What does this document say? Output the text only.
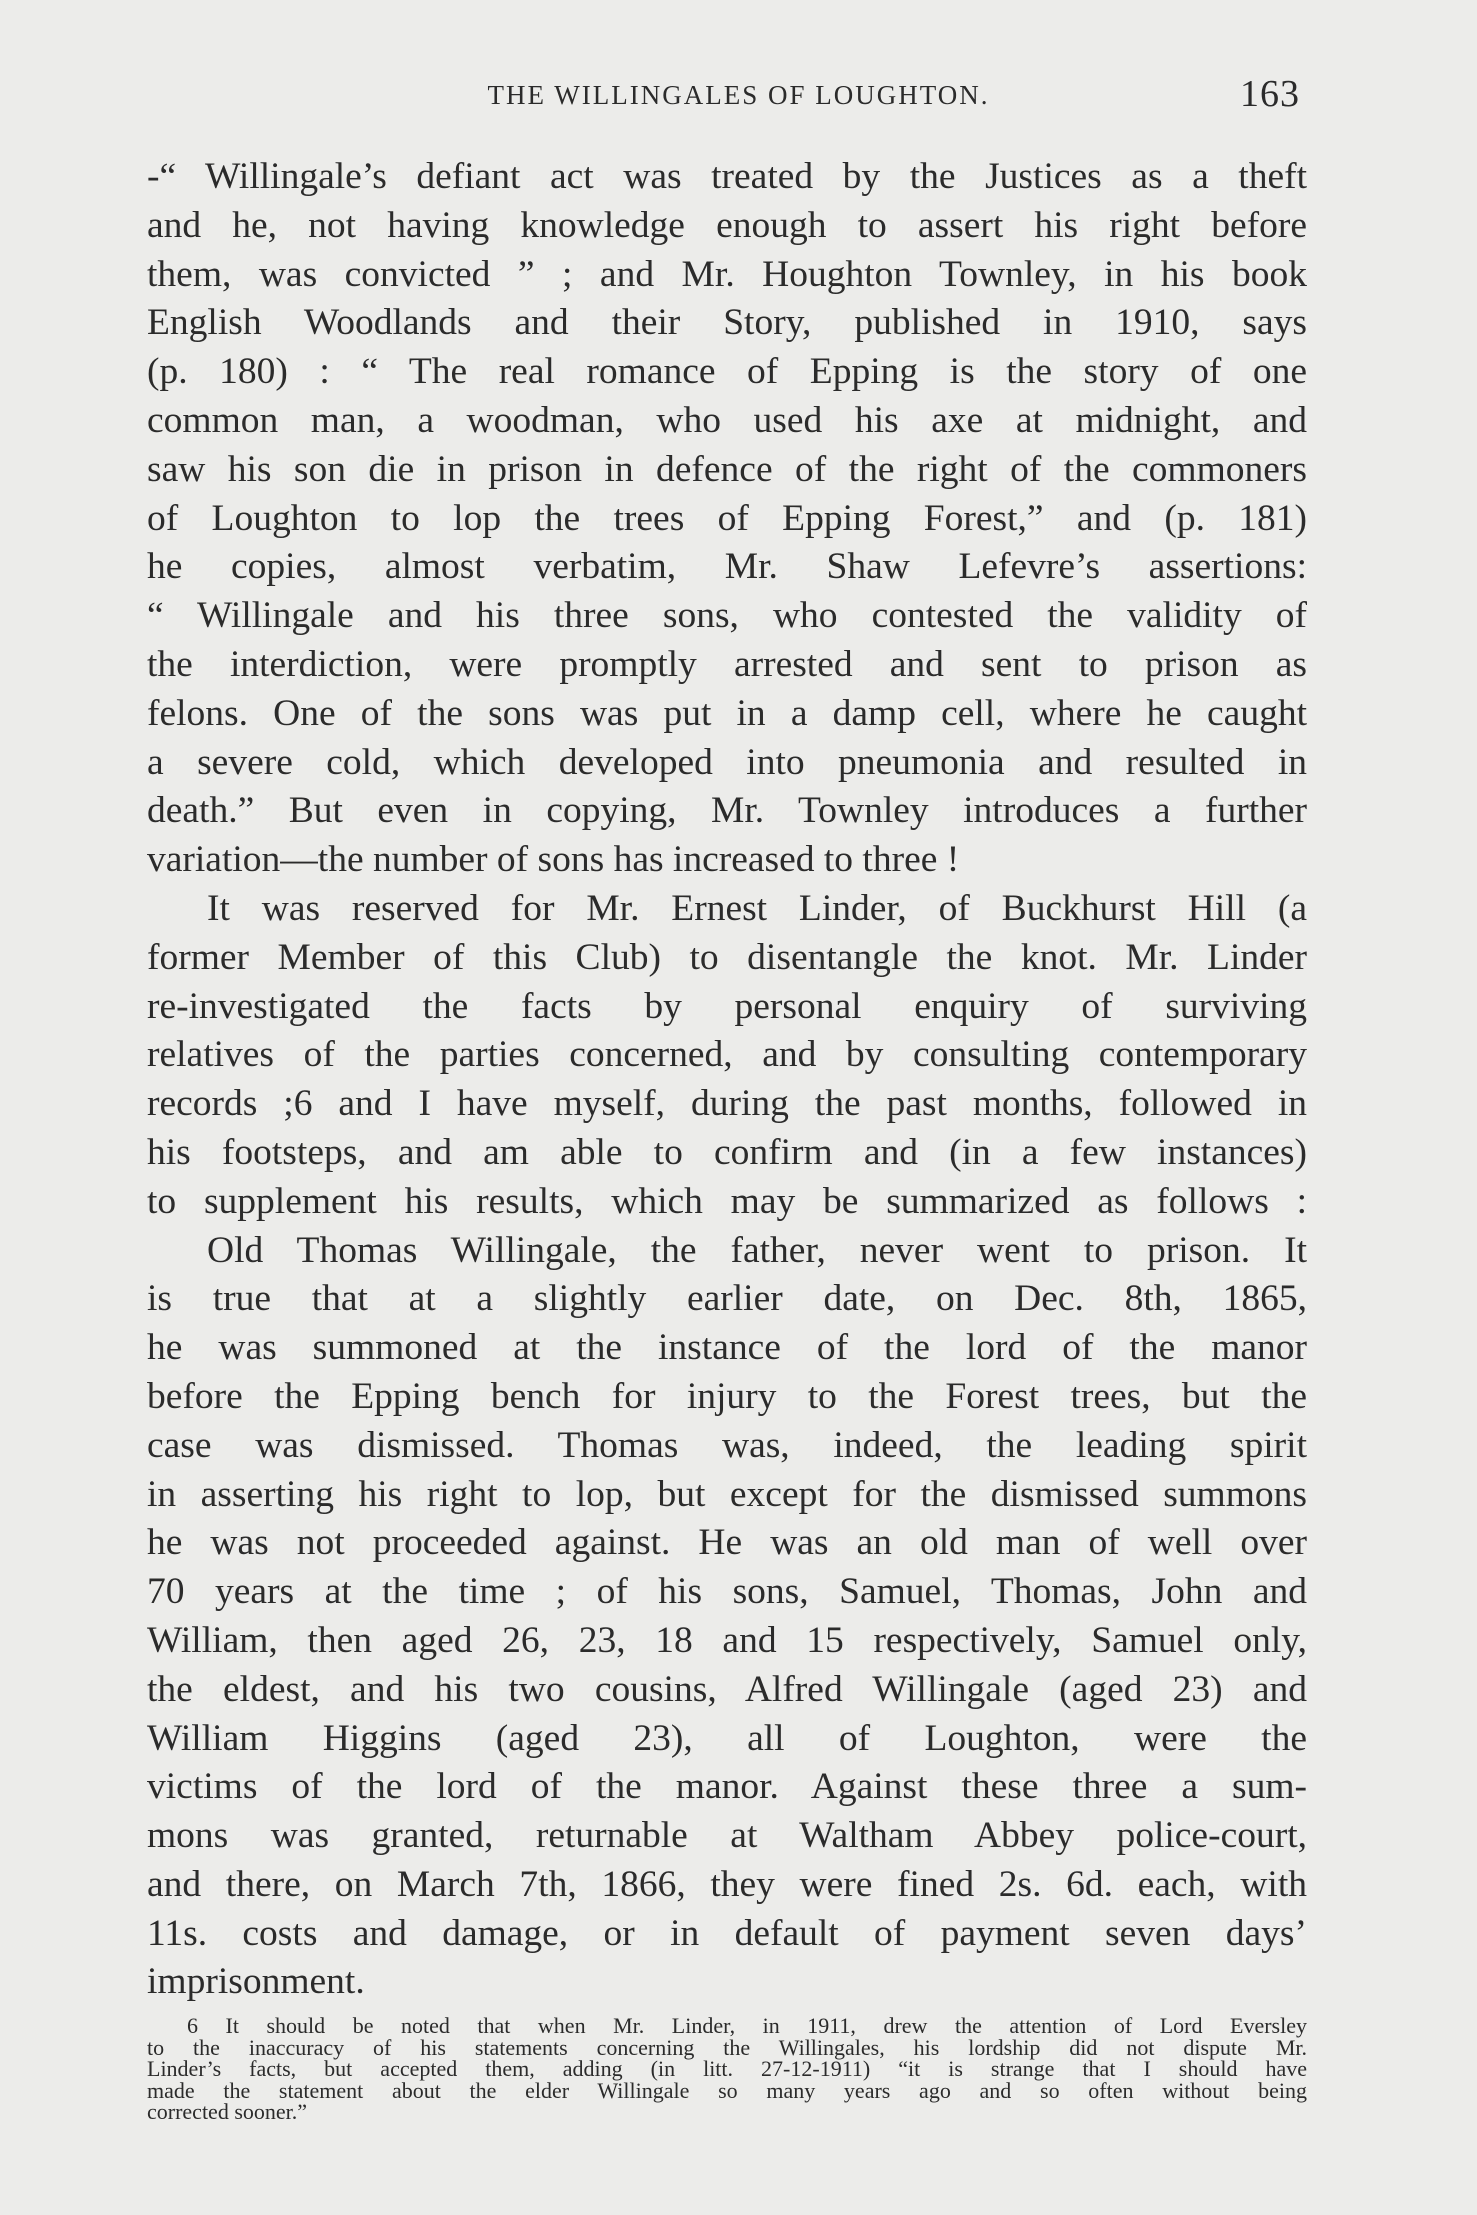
THE WILLINGALES OF LOUGHTON.	163
-“ Willingale’s defiant act was treated by the Justices as a theft
and he, not having knowledge enough to assert his right before
them, was convicted ” ; and Mr. Houghton Townley, in his book
English Woodlands and their Story, published in 1910, says
(p. 180) : “ The real romance of Epping is the story of one
common man, a woodman, who used his axe at midnight, and
saw his son die in prison in defence of the right of the commoners
of Loughton to lop the trees of Epping Forest,” and (p. 181)
he copies, almost verbatim, Mr. Shaw Lefevre’s assertions:
“ Willingale and his three sons, who contested the validity of
the interdiction, were promptly arrested and sent to prison as
felons. One of the sons was put in a damp cell, where he caught
a severe cold, which developed into pneumonia and resulted in
death.” But even in copying, Mr. Townley introduces a further
variation—the number of sons has increased to three !
It was reserved for Mr. Ernest Linder, of Buckhurst Hill (a
former Member of this Club) to disentangle the knot. Mr. Linder
re-investigated the facts by personal enquiry of surviving
relatives of the parties concerned, and by consulting contemporary
records ;6 and I have myself, during the past months, followed in
his footsteps, and am able to confirm and (in a few instances)
to supplement his results, which may be summarized as follows :
Old Thomas Willingale, the father, never went to prison. It
is true that at a slightly earlier date, on Dec. 8th, 1865,
he was summoned at the instance of the lord of the manor
before the Epping bench for injury to the Forest trees, but the
case was dismissed. Thomas was, indeed, the leading spirit
in asserting his right to lop, but except for the dismissed summons
he was not proceeded against. He was an old man of well over
70 years at the time ; of his sons, Samuel, Thomas, John and
William, then aged 26, 23, 18 and 15 respectively, Samuel only,
the eldest, and his two cousins, Alfred Willingale (aged 23) and
William Higgins (aged 23), all of Loughton, were the
victims of the lord of the manor. Against these three a sum-
mons was granted, returnable at Waltham Abbey police-court,
and there, on March 7th, 1866, they were fined 2s. 6d. each, with
11s. costs and damage, or in default of payment seven days’
imprisonment.
6 It should be noted that when Mr. Linder, in 1911, drew the attention of Lord Eversley
to the inaccuracy of his statements concerning the Willingales, his lordship did not dispute Mr.
Linder’s facts, but accepted them, adding (in litt. 27-12-1911) “it is strange that I should have
made the statement about the elder Willingale so many years ago and so often without being
corrected sooner.”
